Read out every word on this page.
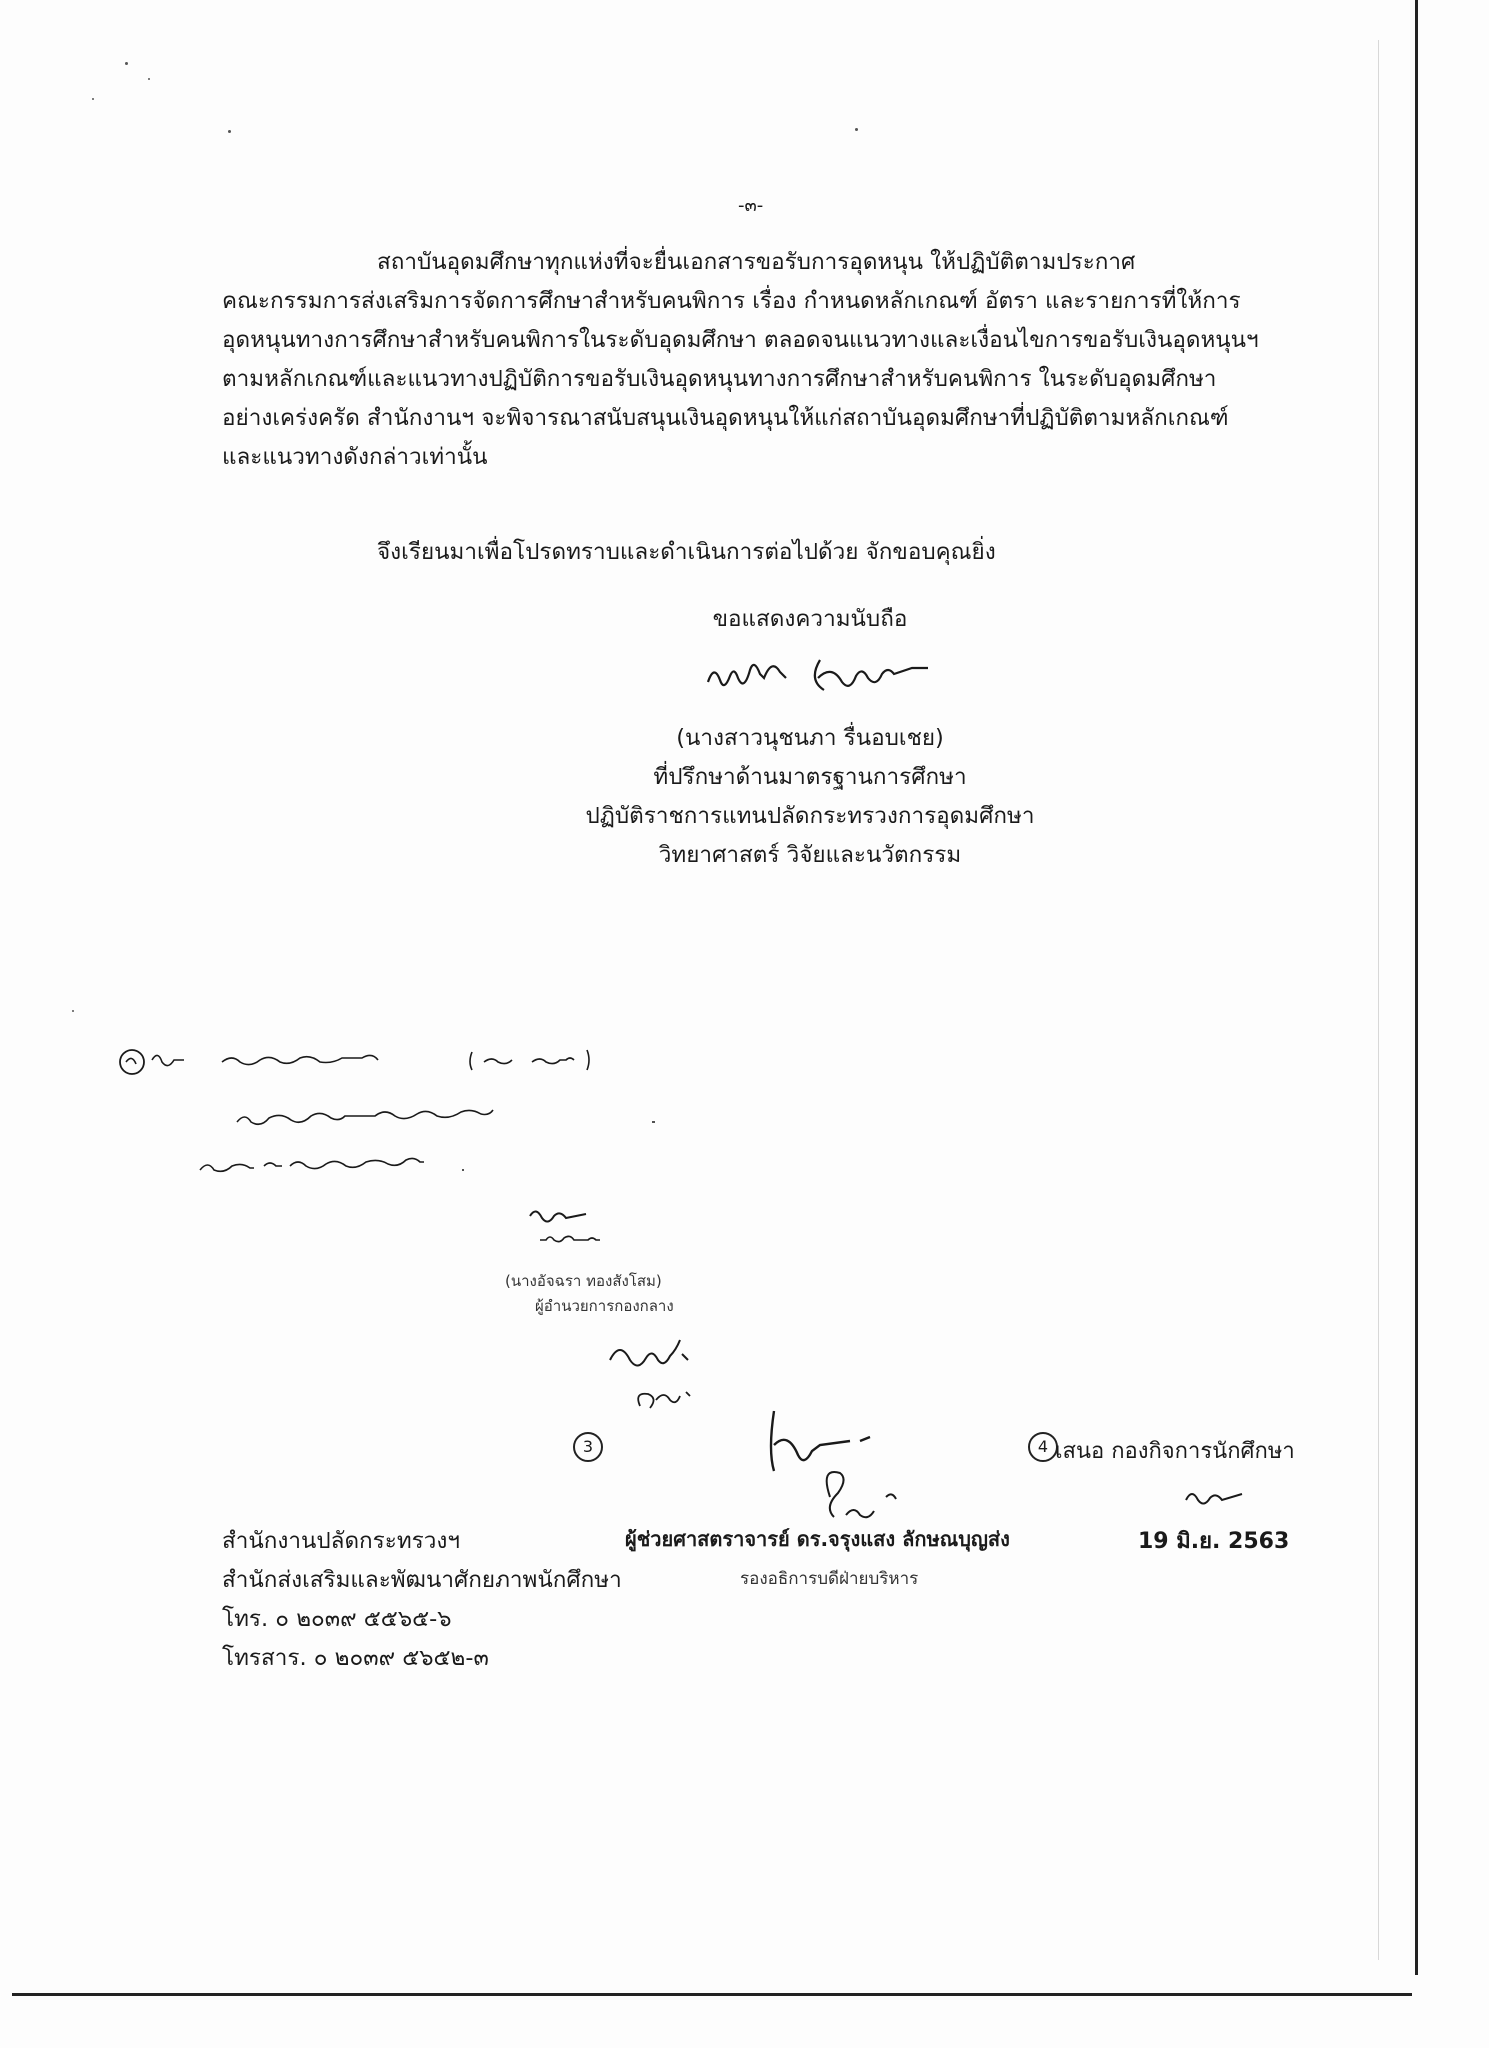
-๓-

สถาบันอุดมศึกษาทุกแห่งที่จะยื่นเอกสารขอรับการอุดหนุน ให้ปฏิบัติตามประกาศ

คณะกรรมการส่งเสริมการจัดการศึกษาสำหรับคนพิการ เรื่อง กำหนดหลักเกณฑ์ อัตรา และรายการที่ให้การ

อุดหนุนทางการศึกษาสำหรับคนพิการในระดับอุดมศึกษา ตลอดจนแนวทางและเงื่อนไขการขอรับเงินอุดหนุนฯ

ตามหลักเกณฑ์และแนวทางปฏิบัติการขอรับเงินอุดหนุนทางการศึกษาสำหรับคนพิการ ในระดับอุดมศึกษา

อย่างเคร่งครัด สำนักงานฯ จะพิจารณาสนับสนุนเงินอุดหนุนให้แก่สถาบันอุดมศึกษาที่ปฏิบัติตามหลักเกณฑ์

และแนวทางดังกล่าวเท่านั้น

จึงเรียนมาเพื่อโปรดทราบและดำเนินการต่อไปด้วย จักขอบคุณยิ่ง
ขอแสดงความนับถือ
(นางสาวนุชนภา รื่นอบเชย)
ที่ปรึกษาด้านมาตรฐานการศึกษา
ปฏิบัติราชการแทนปลัดกระทรวงการอุดมศึกษา
วิทยาศาสตร์ วิจัยและนวัตกรรม
(นางอัจฉรา ทองสังโสม)
ผู้อำนวยการกองกลาง
3	4 เสนอ กองกิจการนักศึกษา
ผู้ช่วยศาสตราจารย์ ดร.จรุงแสง ลักษณบุญส่ง
รองอธิการบดีฝ่ายบริหาร
19 มิ.ย. 2563
สำนักงานปลัดกระทรวงฯ
สำนักส่งเสริมและพัฒนาศักยภาพนักศึกษา
โทร. ๐ ๒๐๓๙ ๕๕๖๕-๖
โทรสาร. ๐ ๒๐๓๙ ๕๖๕๒-๓
